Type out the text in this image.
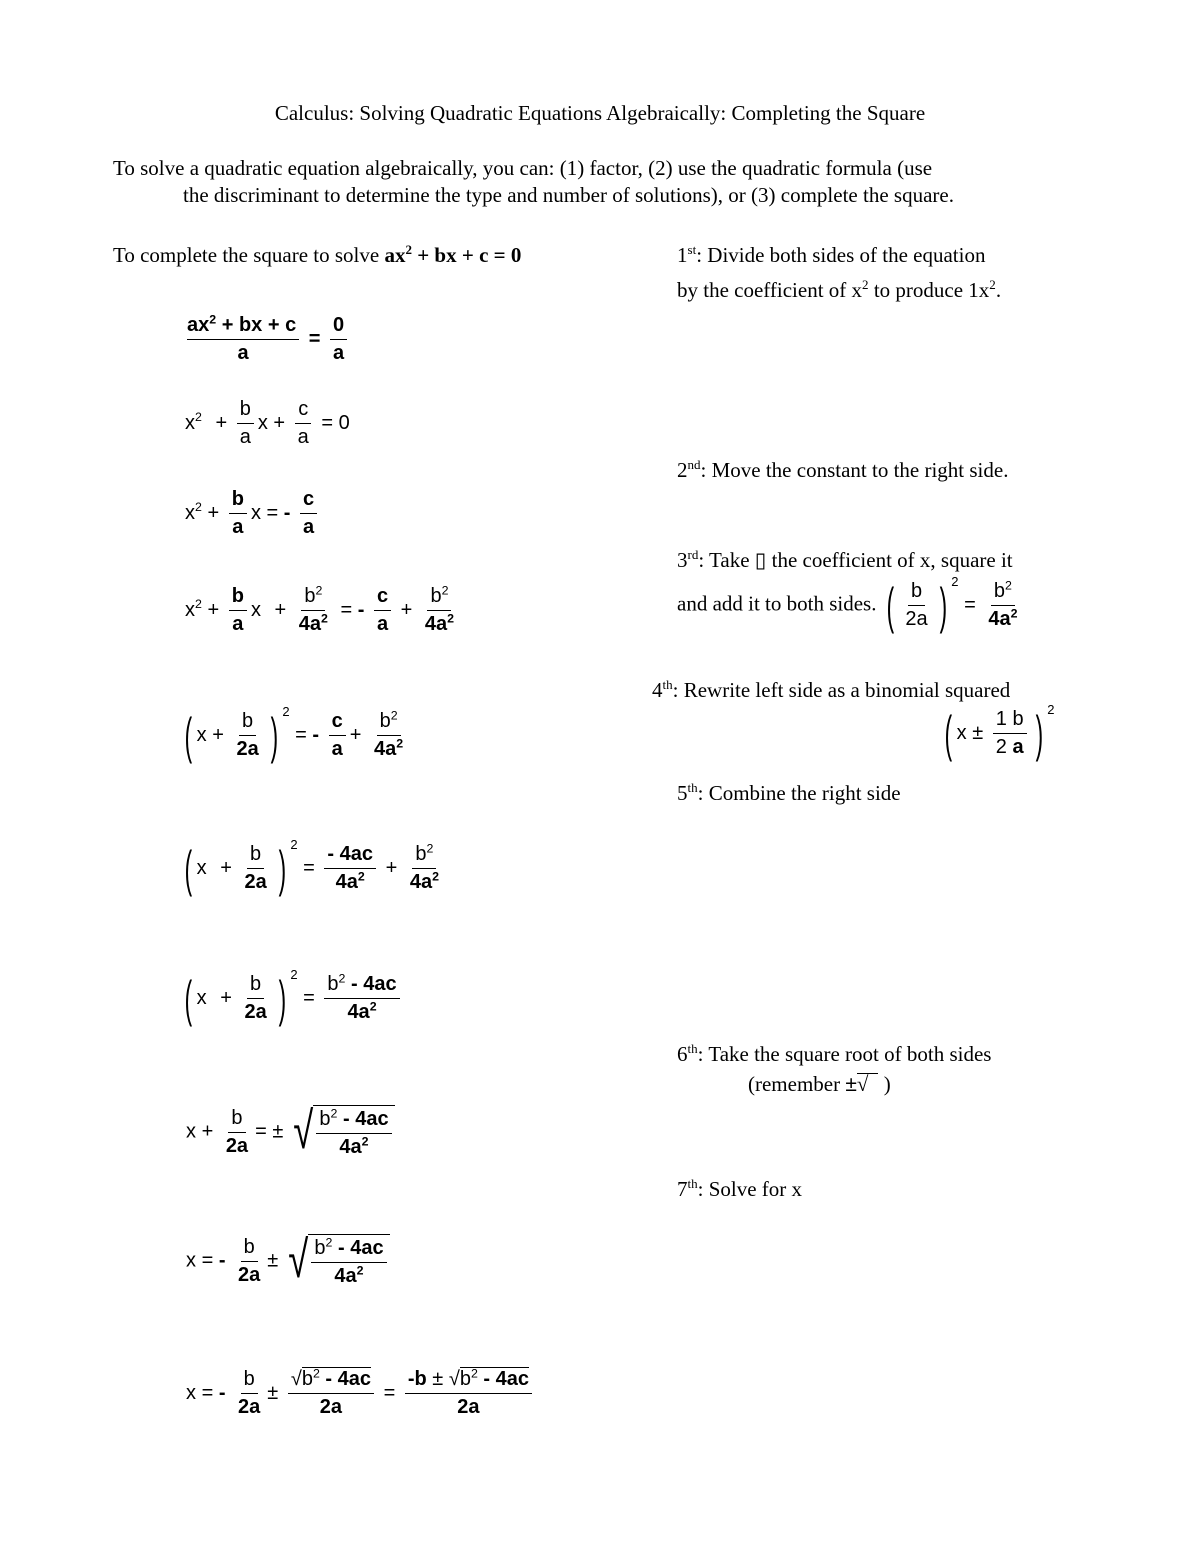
Calculus: Solving Quadratic Equations Algebraically: Completing the Square
To solve a quadratic equation algebraically, you can: (1) factor, (2) use the quadratic formula (use
the discriminant to determine the type and number of solutions), or (3) complete the square.
To complete the square to solve $ax^2$ + bx + c = 0	1st: Divide both sides of the equation
by the coefficient of $x^2$ to produce $1x^2$.
$\frac{ax^2 + bx + c}{a} = \frac{0}{a}$
$x^2 + \frac{b}{a}$ $x + \frac{c}{a} = 0$
2nd: Move the constant to the right side.
$x^2 + \frac{b}{a}$ x = - $\frac{c}{a}$
3rd: Take ▯ the coefficient of x, square it
and add it to both sides. ( $\frac{b}{2a}$ ) $^2 = \frac{b^2}{4a^2}$
$x^2 + \frac{b}{a}$ $x + \frac{b^2}{4a^2}$ = - $\frac{c}{a} + \frac{b^2}{4a^2}$
4th: Rewrite left side as a binomial squared
( $x \pm \frac{1 b}{2 a}$ ) $^2$
( $x + \frac{b}{2a}$ ) $^2$ = - $\frac{c}{a} + \frac{b^2}{4a^2}$
5th: Combine the right side
( $x + \frac{b}{2a}$ ) $^2 = \frac{- 4ac}{4a^2} + \frac{b^2}{4a^2}$
( $x + \frac{b}{2a}$ ) $^2 = \frac{b^2 - 4ac}{4a^2}$
6th: Take the square root of both sides
(remember ±√ )
$x + \frac{b}{2a}$ = ± √ $\frac{b^2 - 4ac}{4a^2}$
7th: Solve for x
x = - $\frac{b}{2a}$ ± √ $\frac{b^2 - 4ac}{4a^2}$
x = - $\frac{b}{2a} \pm \frac{√b^2 - 4ac}{2a} = \frac{-b \pm √b^2 - 4ac}{2a}$
